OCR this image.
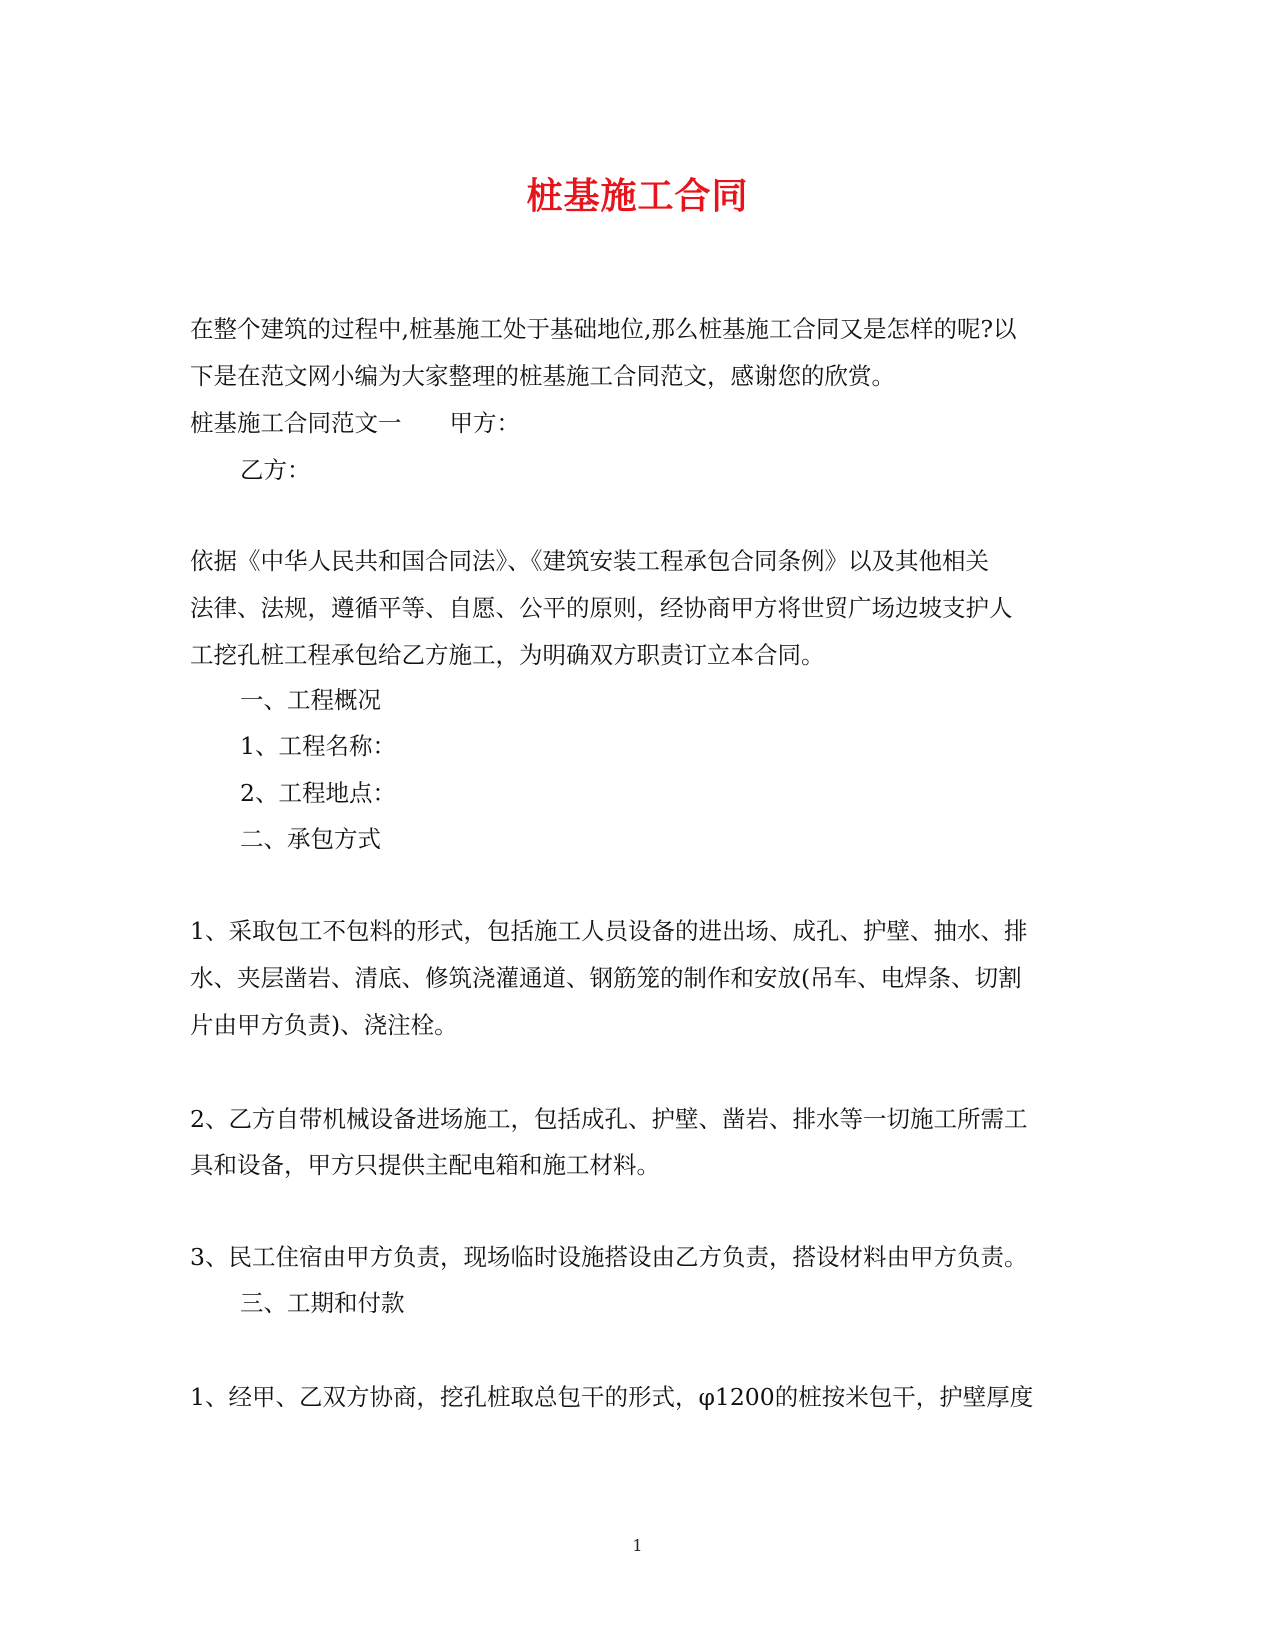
桩基施工合同
在整个建筑的过程中,桩基施工处于基础地位,那么桩基施工合同又是怎样的呢?以
下是在范文网小编为大家整理的桩基施工合同范文，感谢您的欣赏。
桩基施工合同范文一 甲方：
乙方：
依据《中华人民共和国合同法》、《建筑安装工程承包合同条例》以及其他相关
法律、法规，遵循平等、自愿、公平的原则，经协商甲方将世贸广场边坡支护人
工挖孔桩工程承包给乙方施工，为明确双方职责订立本合同。
一、工程概况
1、工程名称：
2、工程地点：
二、承包方式
1、采取包工不包料的形式，包括施工人员设备的进出场、成孔、护壁、抽水、排
水、夹层凿岩、清底、修筑浇灌通道、钢筋笼的制作和安放(吊车、电焊条、切割
片由甲方负责)、浇注栓。
2、乙方自带机械设备进场施工，包括成孔、护壁、凿岩、排水等一切施工所需工
具和设备，甲方只提供主配电箱和施工材料。
3、民工住宿由甲方负责，现场临时设施搭设由乙方负责，搭设材料由甲方负责。
三、工期和付款
1、经甲、乙双方协商，挖孔桩取总包干的形式，φ1200的桩按米包干，护壁厚度
1
